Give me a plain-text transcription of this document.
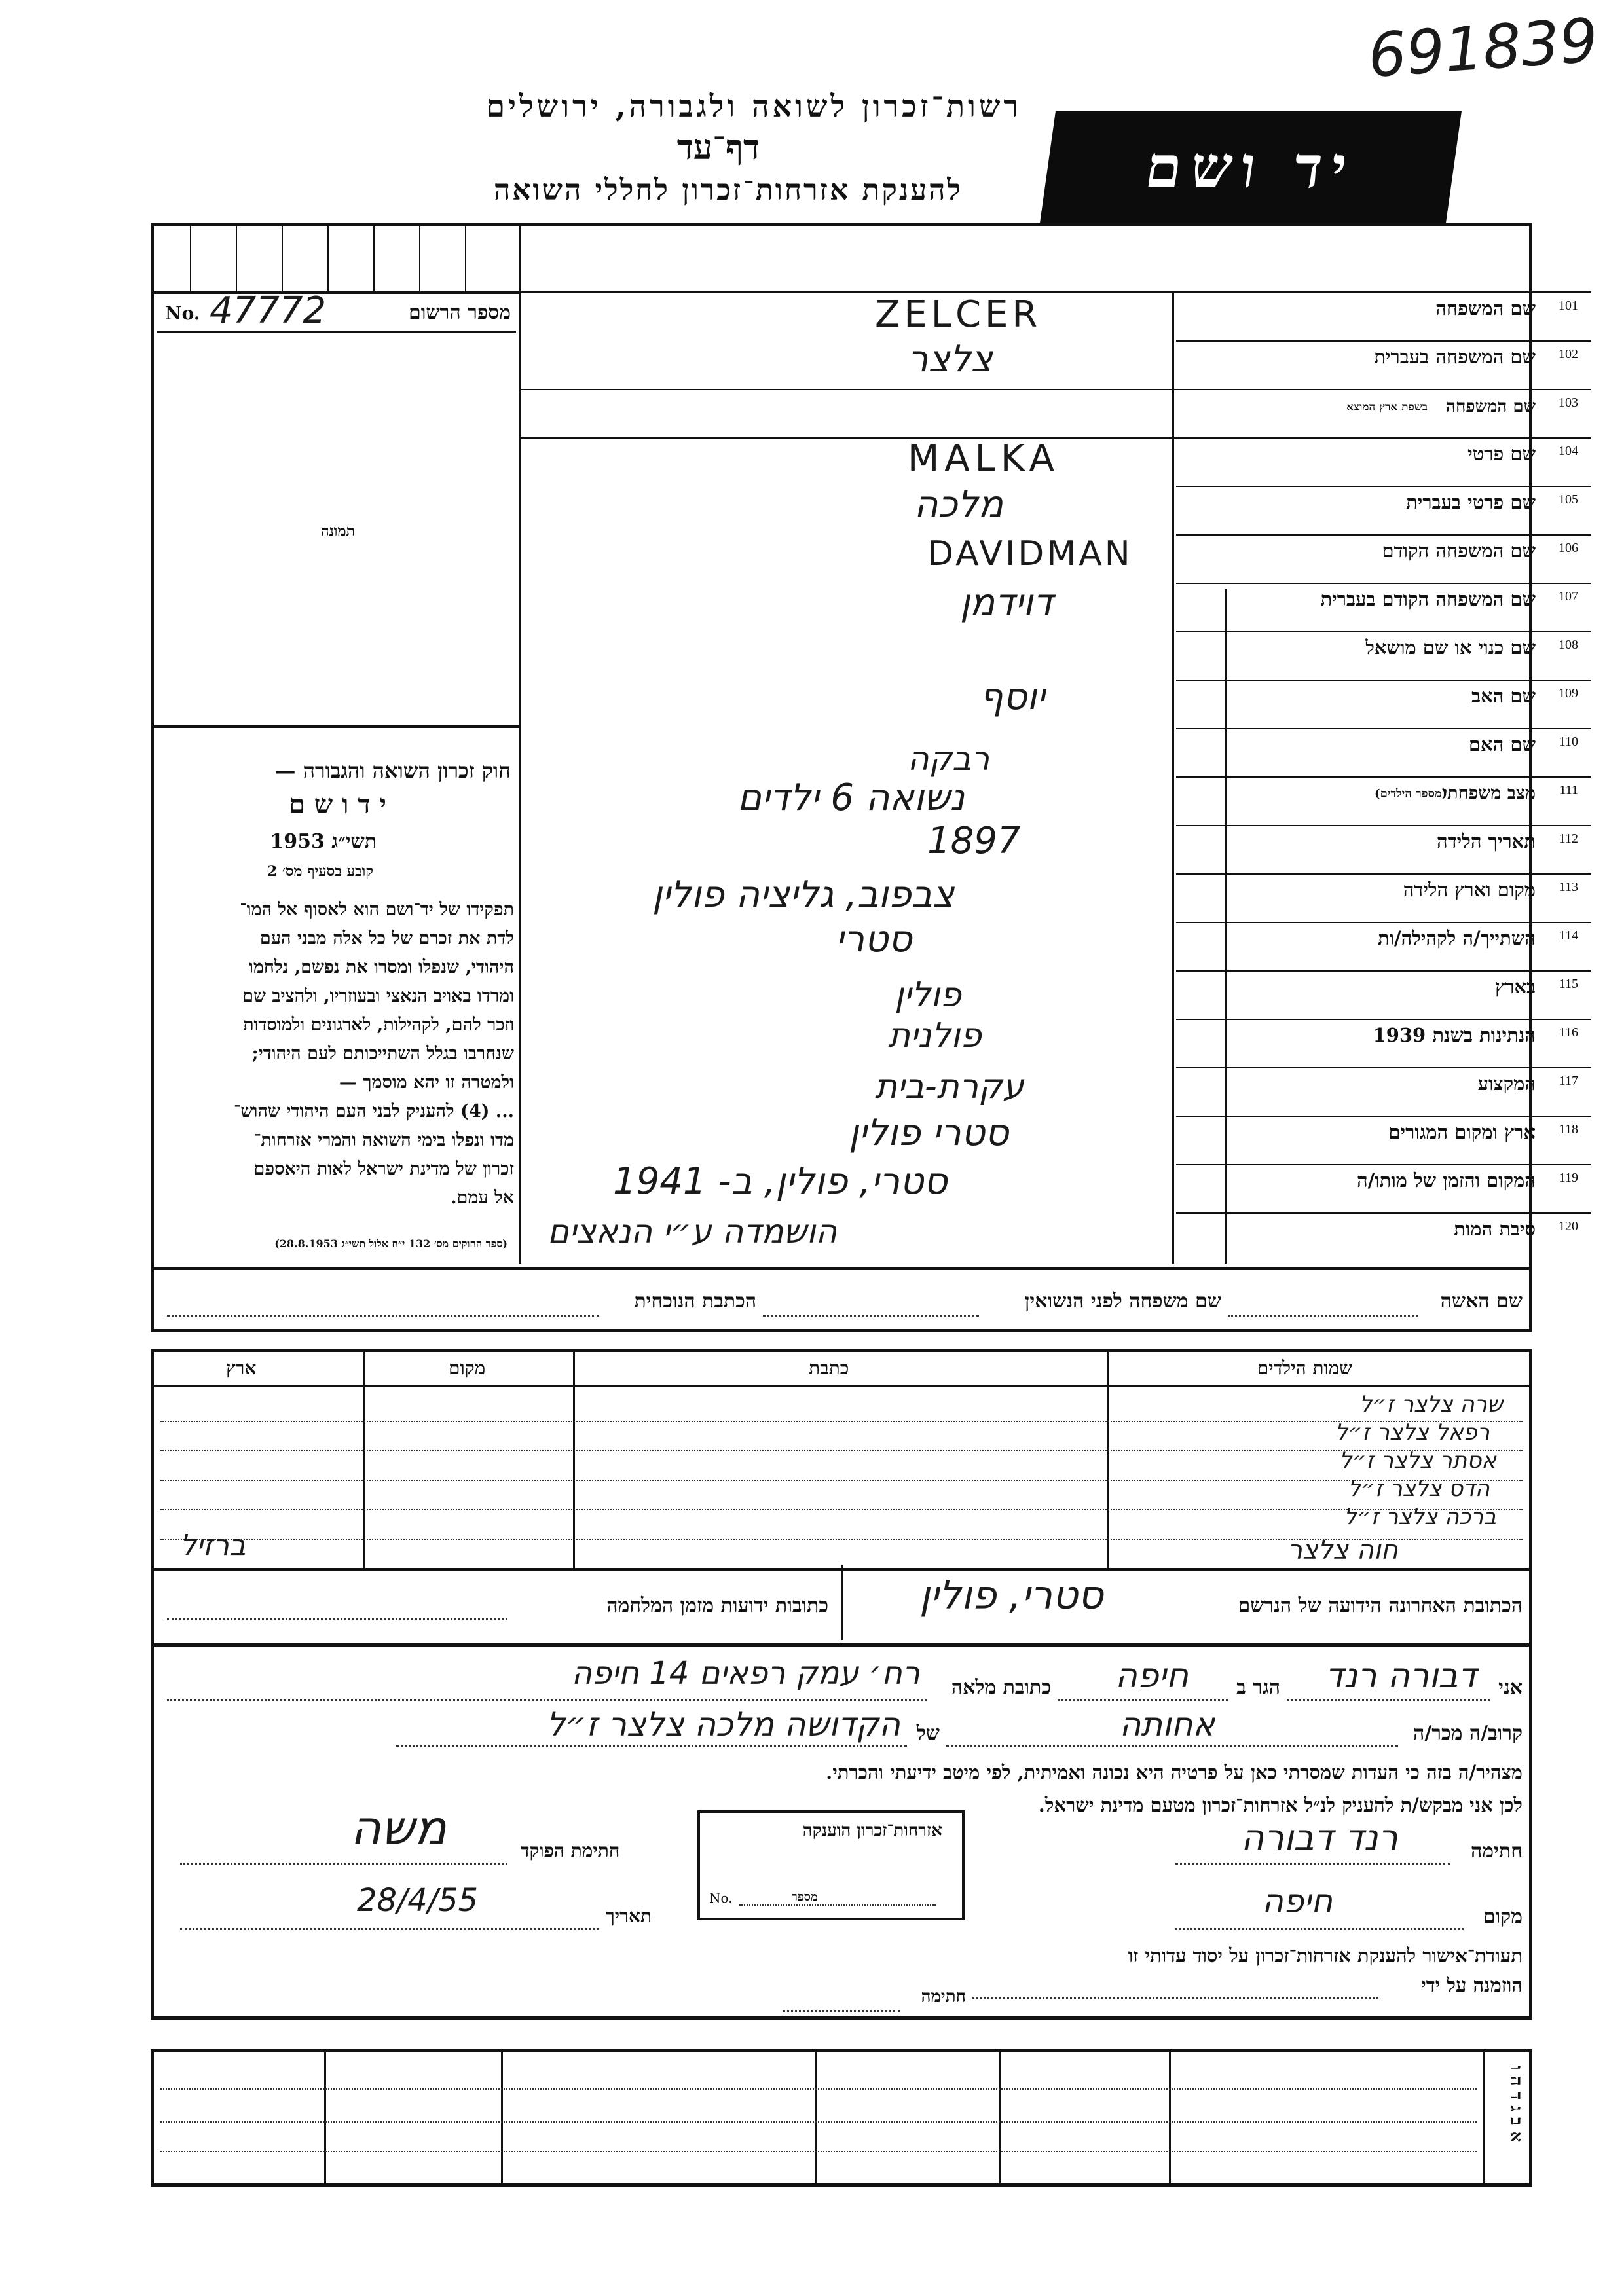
691839
יד ושם
רשות־זכרון לשואה ולגבורה, ירושלים
דף־עד
להענקת אזרחות־זכרון לחללי השואה
מספר הרשום
No. 47772
תמונה
חוק זכרון השואה והגבורה —
י ד ו ש ם
תשי״ג 1953
קובע בסעיף מס׳ 2
תפקידו של יד־ושם הוא לאסוף אל המו־
לדת את זכרם של כל אלה מבני העם
היהודי, שנפלו ומסרו את נפשם, נלחמו
ומרדו באויב הנאצי ובעוזריו, ולהציב שם
וזכר להם, לקהילות, לארגונים ולמוסדות
שנחרבו בגלל השתייכותם לעם היהודי;
ולמטרה זו יהא מוסמך —
... (4) להעניק לבני העם היהודי שהוש־
מדו ונפלו בימי השואה והמרי אזרחות־
זכרון של מדינת ישראל לאות היאספם
אל עמם.
(ספר החוקים מס׳ 132 י״ח אלול תשי״ג 28.8.1953)
101
שם המשפחה
ZELCER
102
שם המשפחה בעברית
צלצר
103
שם המשפחה
בשפת ארץ המוצא
104
שם פרטי
MALKA
105
שם פרטי בעברית
מלכה
106
שם המשפחה הקודם
DAVIDMAN
107
שם המשפחה הקודם בעברית
דוידמן
108
שם כנוי או שם מושאל
109
שם האב
יוסף
110
שם האם
רבקה
111
מצב משפחתי
(מספר הילדים)
נשואה 6 ילדים
112
תאריך הלידה
1897
113
מקום וארץ הלידה
צבפוב, גליציה פולין
114
השתייך/ה לקהילה/ות
סטרי
115
בארץ
פולין
116
הנתינות בשנת 1939
פולנית
117
המקצוע
עקרת-בית
118
ארץ ומקום המגורים
סטרי פולין
119
המקום והזמן של מותו/ה
סטרי, פולין, ב- 1941
120
סיבת המות
הושמדה ע״י הנאצים
שם האשה
שם משפחה לפני הנשואין
הכתבת הנוכחית
שמות הילדים
כתבת
מקום
ארץ
שרה צלצר ז״ל
רפאל צלצר ז״ל
אסתר צלצר ז״ל
הדס צלצר ז״ל
ברכה צלצר ז״ל
חוה צלצר
ברזיל
הכתובת האחרונה הידועה של הנרשם
סטרי, פולין
כתובות ידועות מזמן המלחמה
אני
דבורה רנד
הגר ב
חיפה
כתובת מלאה
רח׳ עמק רפאים 14 חיפה
קרוב/ה מכר/ה
אחותה
של
הקדושה מלכה צלצר ז״ל
מצהיר/ה בזה כי העדות שמסרתי כאן על פרטיה היא נכונה ואמיתית, לפי מיטב ידיעתי והכרתי.
לכן אני מבקש/ת להעניק לנ״ל אזרחות־זכרון מטעם מדינת ישראל.
חתימה
רנד דבורה
מקום
חיפה
אזרחות־זכרון הוענקה
No.	מספר
חתימת הפוקד
משה
תאריך
28/4/55
תעודת־אישור להענקת אזרחות־זכרון על יסוד עדותי זו
הוזמנה על ידי
חתימה
א ב ג ד ה ו
